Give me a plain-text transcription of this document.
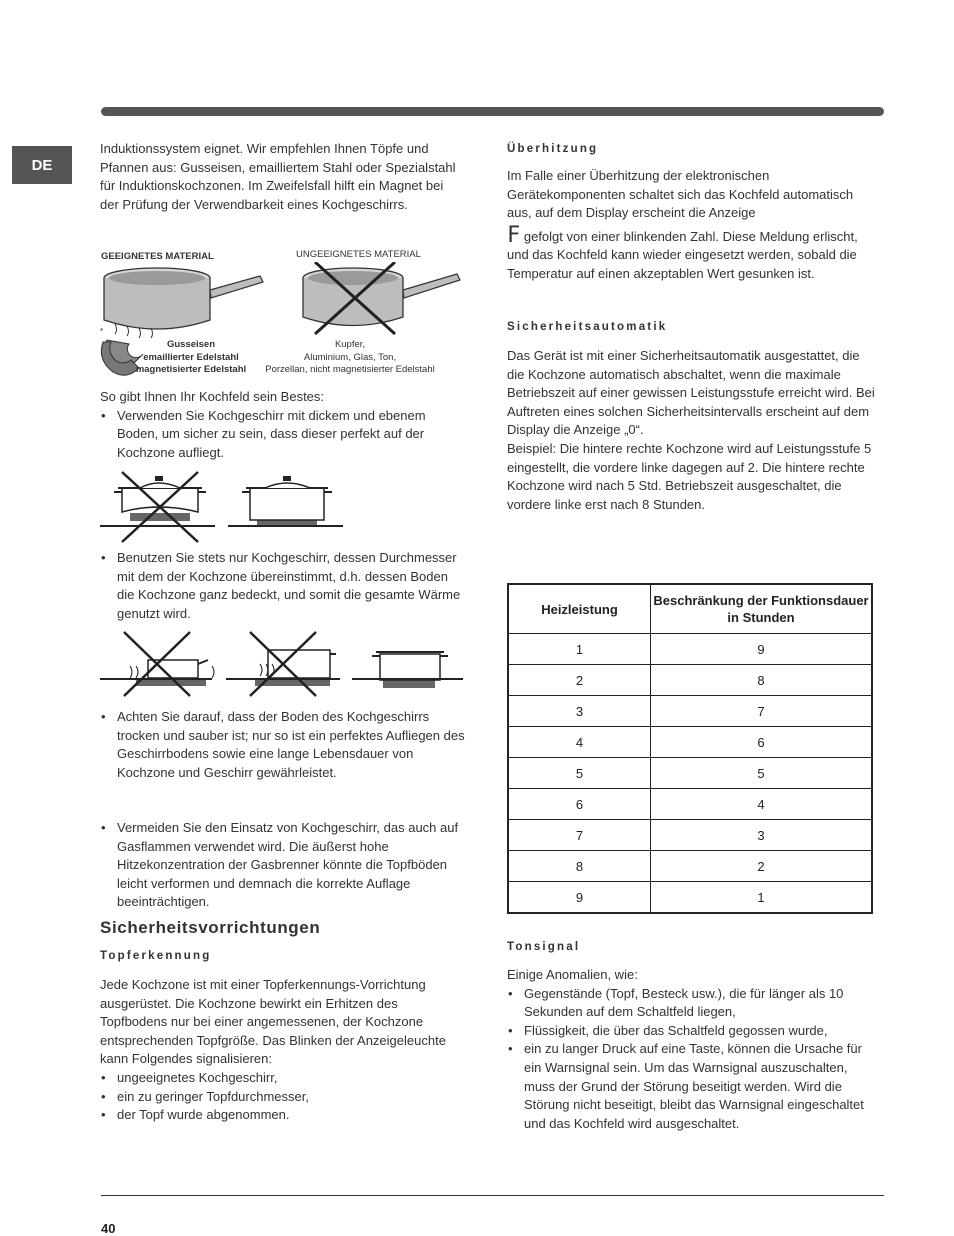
DE

Induktionssystem eignet. Wir empfehlen Ihnen Töpfe und Pfannen aus: Gusseisen, emailliertem Stahl oder Spezialstahl für Induktionskochzonen. Im Zweifelsfall hilft ein Magnet bei der Prüfung der Verwendbarkeit eines Kochgeschirrs.

GEEIGNETES MATERIAL	UNGEEIGNETES MATERIAL
*
Gusseisen
emaillierter Edelstahl
magnetisierter Edelstahl
Kupfer,
Aluminium, Glas, Ton,
Porzellan, nicht magnetisierter Edelstahl

So gibt Ihnen Ihr Kochfeld sein Bestes:

• Verwenden Sie Kochgeschirr mit dickem und ebenem Boden, um sicher zu sein, dass dieser perfekt auf der Kochzone aufliegt.
• Benutzen Sie stets nur Kochgeschirr, dessen Durchmesser mit dem der Kochzone übereinstimmt, d.h. dessen Boden die Kochzone ganz bedeckt, und somit die gesamte Wärme genutzt wird.
• Achten Sie darauf, dass der Boden des Kochgeschirrs trocken und sauber ist; nur so ist ein perfektes Aufliegen des Geschirrbodens sowie eine lange Lebensdauer von Kochzone und Geschirr gewährleistet.
• Vermeiden Sie den Einsatz von Kochgeschirr, das auch auf Gasflammen verwendet wird. Die äußerst hohe Hitzekonzentration der Gasbrenner könnte die Topfböden leicht verformen und demnach die korrekte Auflage beeinträchtigen.
Sicherheitsvorrichtungen
Topferkennung

Jede Kochzone ist mit einer Topferkennungs-Vorrichtung ausgerüstet. Die Kochzone bewirkt ein Erhitzen des Topfbodens nur bei einer angemessenen, der Kochzone entsprechenden Topfgröße. Das Blinken der Anzeigeleuchte kann Folgendes signalisieren:

• ungeeignetes Kochgeschirr,
• ein zu geringer Topfdurchmesser,
• der Topf wurde abgenommen.
Überhitzung

Im Falle einer Überhitzung der elektronischen Gerätekomponenten schaltet sich das Kochfeld automatisch aus, auf dem Display erscheint die Anzeige

F gefolgt von einer blinkenden Zahl. Diese Meldung erlischt, und das Kochfeld kann wieder eingesetzt werden, sobald die Temperatur auf einen akzeptablen Wert gesunken ist.

Sicherheitsautomatik

Das Gerät ist mit einer Sicherheitsautomatik ausgestattet, die die Kochzone automatisch abschaltet, wenn die maximale Betriebszeit auf einer gewissen Leistungsstufe erreicht wird. Bei Auftreten eines solchen Sicherheitsintervalls erscheint auf dem Display die Anzeige „0“.

Beispiel: Die hintere rechte Kochzone wird auf Leistungsstufe 5 eingestellt, die vordere linke dagegen auf 2. Die hintere rechte Kochzone wird nach 5 Std. Betriebszeit ausgeschaltet, die vordere linke erst nach 8 Stunden.

Heizleistung	Beschränkung der Funktionsdauer in Stunden
1	9
2	8
3	7
4	6
5	5
6	4
7	3
8	2
9	1
Tonsignal

Einige Anomalien, wie:

• Gegenstände (Topf, Besteck usw.), die für länger als 10 Sekunden auf dem Schaltfeld liegen,
• Flüssigkeit, die über das Schaltfeld gegossen wurde,
• ein zu langer Druck auf eine Taste, können die Ursache für ein Warnsignal sein. Um das Warnsignal auszuschalten, muss der Grund der Störung beseitigt werden. Wird die Störung nicht beseitigt, bleibt das Warnsignal eingeschaltet und das Kochfeld wird ausgeschaltet.
40
